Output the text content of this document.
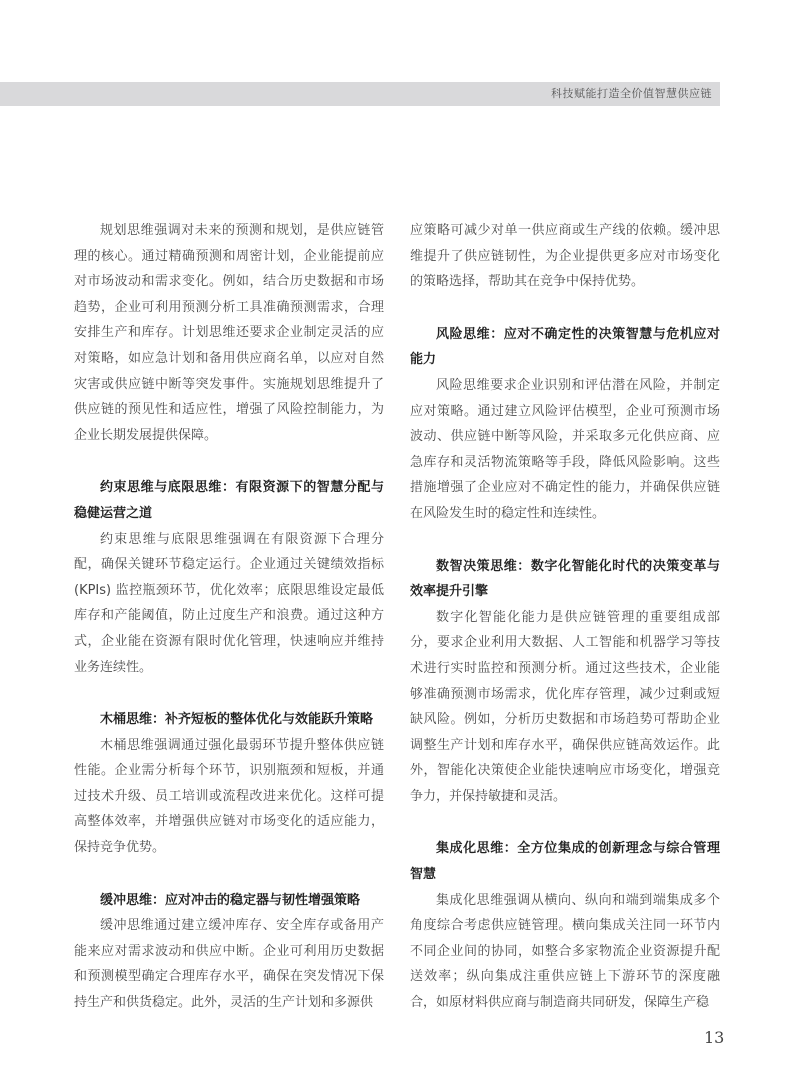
科技赋能打造全价值智慧供应链

规划思维强调对未来的预测和规划，是供应链管理的核心。通过精确预测和周密计划，企业能提前应对市场波动和需求变化。例如，结合历史数据和市场趋势，企业可利用预测分析工具准确预测需求，合理安排生产和库存。计划思维还要求企业制定灵活的应对策略，如应急计划和备用供应商名单，以应对自然灾害或供应链中断等突发事件。实施规划思维提升了供应链的预见性和适应性，增强了风险控制能力，为企业长期发展提供保障。

约束思维与底限思维：有限资源下的智慧分配与稳健运营之道

约束思维与底限思维强调在有限资源下合理分配，确保关键环节稳定运行。企业通过关键绩效指标(KPIs) 监控瓶颈环节，优化效率；底限思维设定最低库存和产能阈值，防止过度生产和浪费。通过这种方式，企业能在资源有限时优化管理，快速响应并维持业务连续性。

木桶思维：补齐短板的整体优化与效能跃升策略

木桶思维强调通过强化最弱环节提升整体供应链性能。企业需分析每个环节，识别瓶颈和短板，并通过技术升级、员工培训或流程改进来优化。这样可提高整体效率，并增强供应链对市场变化的适应能力，保持竞争优势。

缓冲思维：应对冲击的稳定器与韧性增强策略

缓冲思维通过建立缓冲库存、安全库存或备用产能来应对需求波动和供应中断。企业可利用历史数据和预测模型确定合理库存水平，确保在突发情况下保持生产和供货稳定。此外，灵活的生产计划和多源供

应策略可减少对单一供应商或生产线的依赖。缓冲思维提升了供应链韧性，为企业提供更多应对市场变化的策略选择，帮助其在竞争中保持优势。

风险思维：应对不确定性的决策智慧与危机应对能力

风险思维要求企业识别和评估潜在风险，并制定应对策略。通过建立风险评估模型，企业可预测市场波动、供应链中断等风险，并采取多元化供应商、应急库存和灵活物流策略等手段，降低风险影响。这些措施增强了企业应对不确定性的能力，并确保供应链在风险发生时的稳定性和连续性。

数智决策思维：数字化智能化时代的决策变革与效率提升引擎

数字化智能化能力是供应链管理的重要组成部分，要求企业利用大数据、人工智能和机器学习等技术进行实时监控和预测分析。通过这些技术，企业能够准确预测市场需求，优化库存管理，减少过剩或短缺风险。例如，分析历史数据和市场趋势可帮助企业调整生产计划和库存水平，确保供应链高效运作。此外，智能化决策使企业能快速响应市场变化，增强竞争力，并保持敏捷和灵活。

集成化思维：全方位集成的创新理念与综合管理智慧

集成化思维强调从横向、纵向和端到端集成多个角度综合考虑供应链管理。横向集成关注同一环节内不同企业间的协同，如整合多家物流企业资源提升配送效率；纵向集成注重供应链上下游环节的深度融合，如原材料供应商与制造商共同研发，保障生产稳

13
